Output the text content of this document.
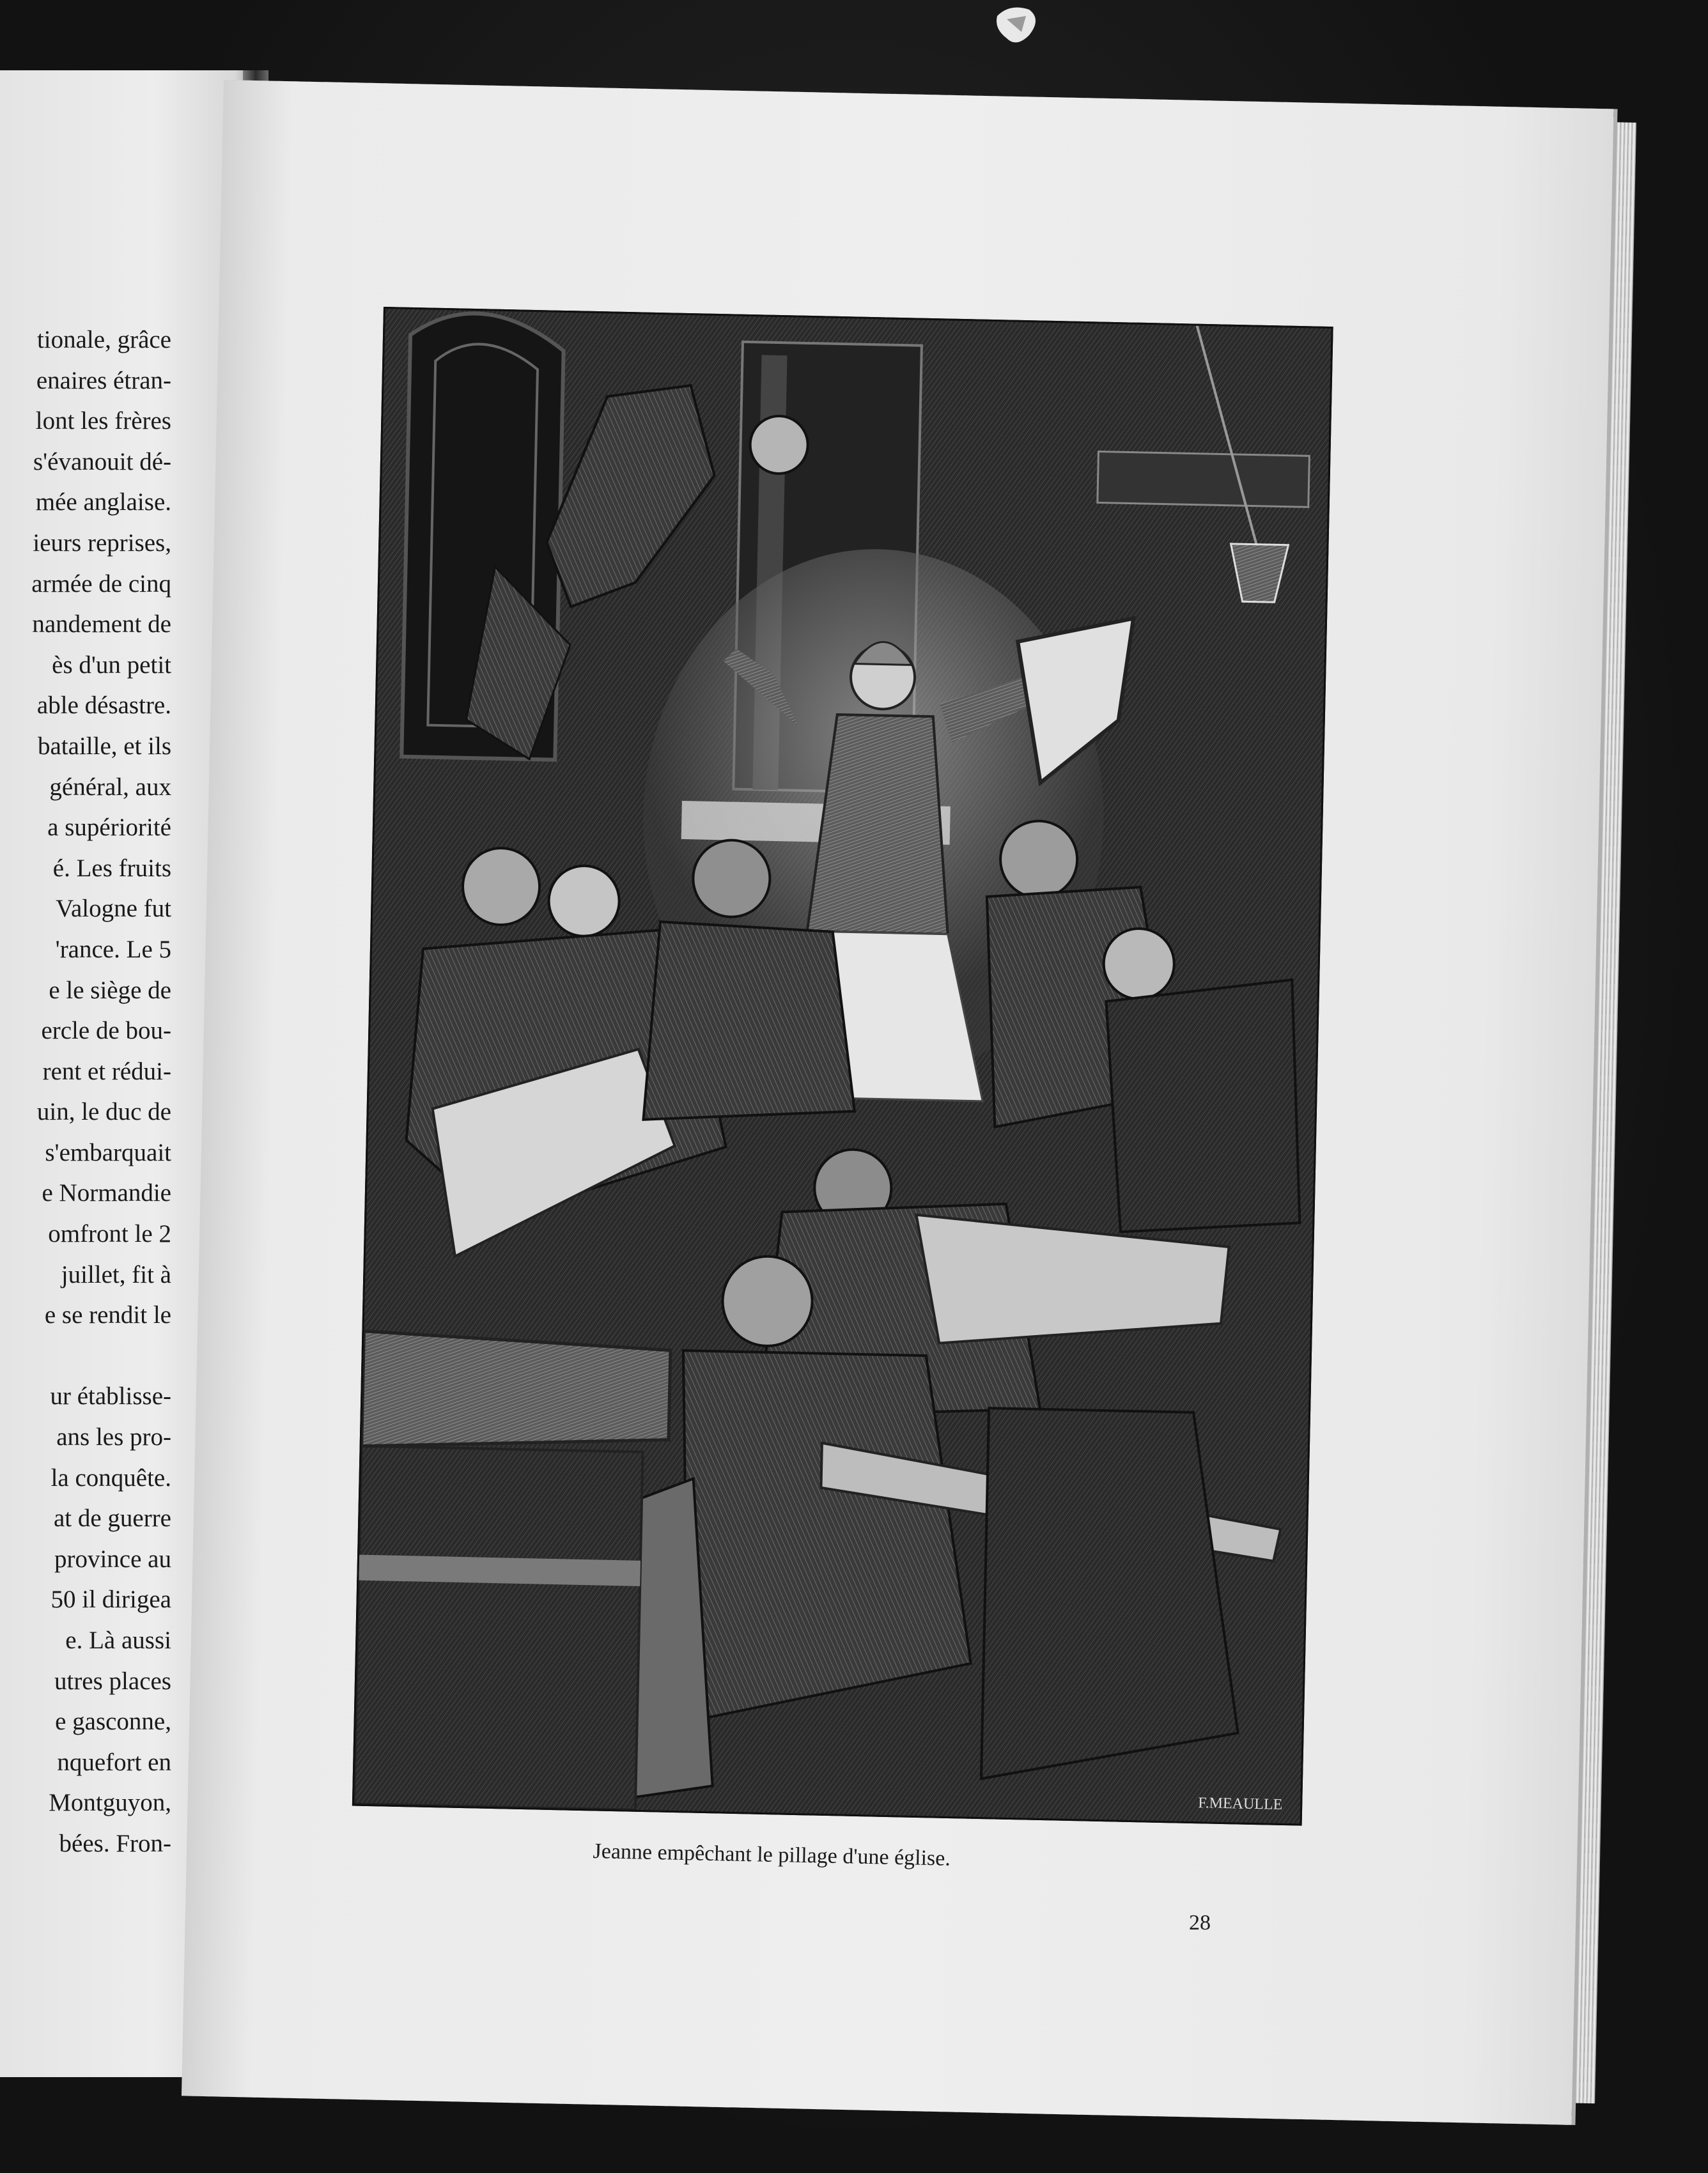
tionale, grâce
enaires étran-
lont les frères
s'évanouit dé-
mée anglaise.
ieurs reprises,
armée de cinq
nandement de
ès d'un petit
able désastre.
bataille, et ils
général, aux
a supériorité
é. Les fruits
Valogne fut
'rance. Le 5
e le siège de
ercle de bou-
rent et rédui-
uin, le duc de
s'embarquait
e Normandie
omfront le 2
juillet, fit à
e se rendit le
ur établisse-
ans les pro-
la conquête.
at de guerre
province au
50 il dirigea
e. Là aussi
utres places
e gasconne,
nquefort en
Montguyon,
bées. Fron-
F.MEAULLE
Jeanne empêchant le pillage d'une église.
28
